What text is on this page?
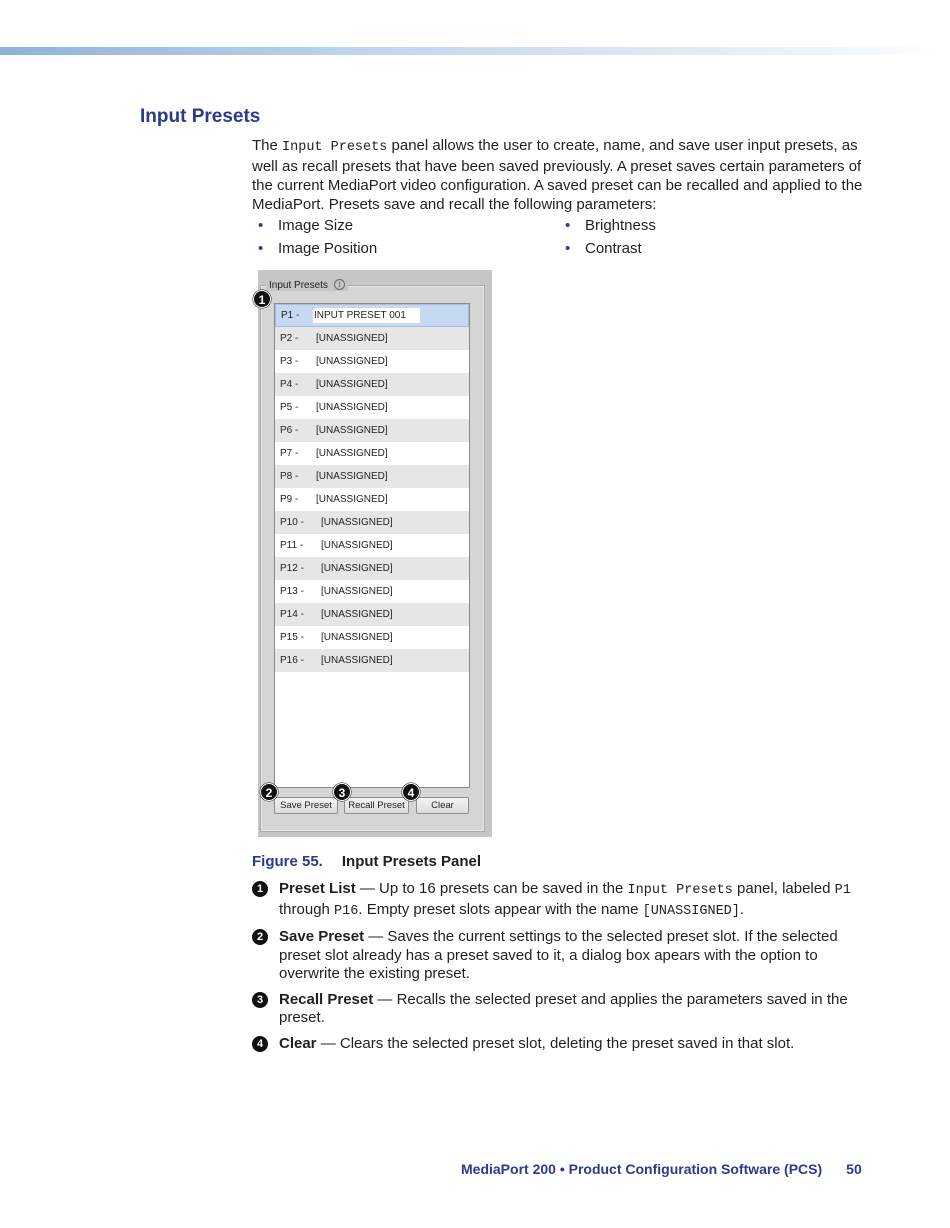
Input Presets
The Input Presets panel allows the user to create, name, and save user input presets, as well as recall presets that have been saved previously. A preset saves certain parameters of the current MediaPort video configuration. A saved preset can be recalled and applied to the MediaPort. Presets save and recall the following parameters:
• Image Size	• Brightness
• Image Position	• Contrast
Input Presets i
P1 -	INPUT PRESET 001
P2 -	[UNASSIGNED]
P3 -	[UNASSIGNED]
P4 -	[UNASSIGNED]
P5 -	[UNASSIGNED]
P6 -	[UNASSIGNED]
P7 -	[UNASSIGNED]
P8 -	[UNASSIGNED]
P9 -	[UNASSIGNED]
P10 -	[UNASSIGNED]
P11 -	[UNASSIGNED]
P12 -	[UNASSIGNED]
P13 -	[UNASSIGNED]
P14 -	[UNASSIGNED]
P15 -	[UNASSIGNED]
P16 -	[UNASSIGNED]
Save Preset	Recall Preset	Clear
1
2	3	4
Figure 55. Input Presets Panel
1	Preset List — Up to 16 presets can be saved in the Input Presets panel, labeled P1 through P16. Empty preset slots appear with the name [UNASSIGNED].
2	Save Preset — Saves the current settings to the selected preset slot. If the selected preset slot already has a preset saved to it, a dialog box apears with the option to overwrite the existing preset.
3	Recall Preset — Recalls the selected preset and applies the parameters saved in the preset.
4	Clear — Clears the selected preset slot, deleting the preset saved in that slot.
MediaPort 200 • Product Configuration Software (PCS) 50
